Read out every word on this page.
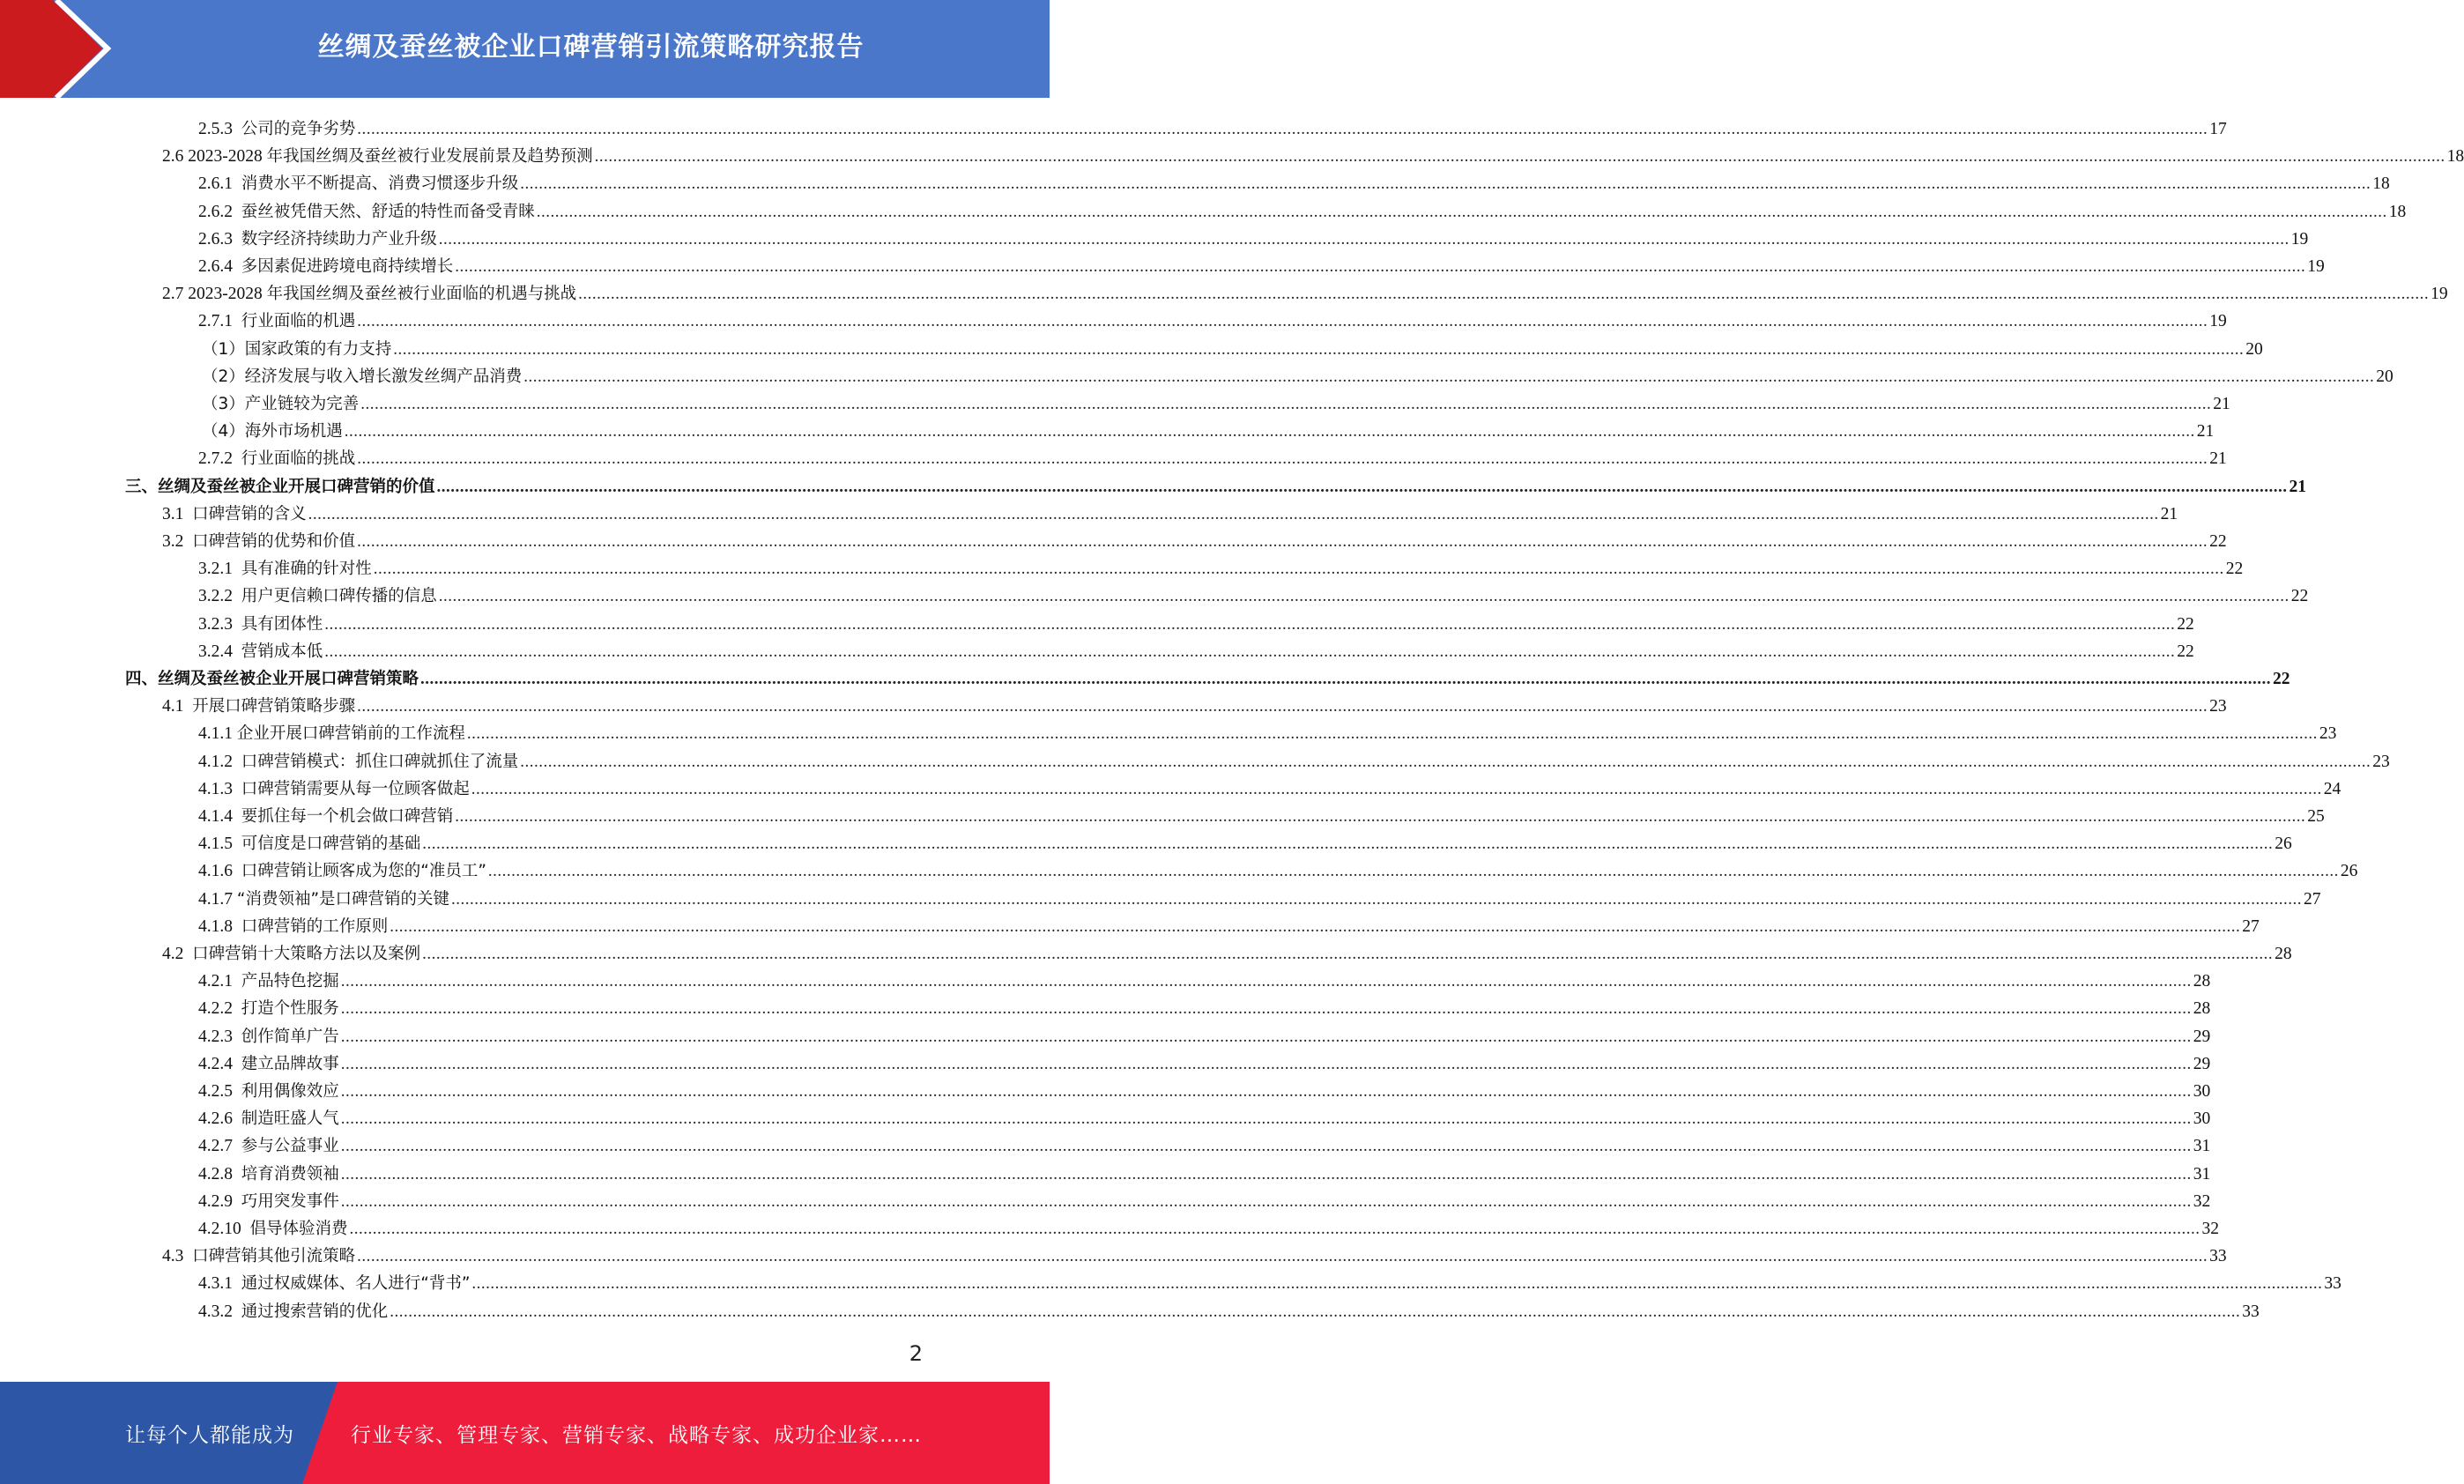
丝绸及蚕丝被企业口碑营销引流策略研究报告
2.5.3 公司的竞争劣势 ................................................................................................................................................................................................................................................................................................................................................................................................................ 17
2.6 2023-2028 年我国丝绸及蚕丝被行业发展前景及趋势预测 ................................................................................................................................................................................................................................................................................................................................................................................................................ 18
2.6.1 消费水平不断提高、消费习惯逐步升级 ................................................................................................................................................................................................................................................................................................................................................................................................................ 18
2.6.2 蚕丝被凭借天然、舒适的特性而备受青睐 ................................................................................................................................................................................................................................................................................................................................................................................................................ 18
2.6.3 数字经济持续助力产业升级 ................................................................................................................................................................................................................................................................................................................................................................................................................ 19
2.6.4 多因素促进跨境电商持续增长 ................................................................................................................................................................................................................................................................................................................................................................................................................ 19
2.7 2023-2028 年我国丝绸及蚕丝被行业面临的机遇与挑战 ................................................................................................................................................................................................................................................................................................................................................................................................................ 19
2.7.1 行业面临的机遇 ................................................................................................................................................................................................................................................................................................................................................................................................................ 19
（1）国家政策的有力支持 ................................................................................................................................................................................................................................................................................................................................................................................................................ 20
（2）经济发展与收入增长激发丝绸产品消费 ................................................................................................................................................................................................................................................................................................................................................................................................................ 20
（3）产业链较为完善 ................................................................................................................................................................................................................................................................................................................................................................................................................ 21
（4）海外市场机遇 ................................................................................................................................................................................................................................................................................................................................................................................................................ 21
2.7.2 行业面临的挑战 ................................................................................................................................................................................................................................................................................................................................................................................................................ 21
三、丝绸及蚕丝被企业开展口碑营销的价值 ................................................................................................................................................................................................................................................................................................................................................................................................................ 21
3.1 口碑营销的含义 ................................................................................................................................................................................................................................................................................................................................................................................................................ 21
3.2 口碑营销的优势和价值 ................................................................................................................................................................................................................................................................................................................................................................................................................ 22
3.2.1 具有准确的针对性 ................................................................................................................................................................................................................................................................................................................................................................................................................ 22
3.2.2 用户更信赖口碑传播的信息 ................................................................................................................................................................................................................................................................................................................................................................................................................ 22
3.2.3 具有团体性 ................................................................................................................................................................................................................................................................................................................................................................................................................ 22
3.2.4 营销成本低 ................................................................................................................................................................................................................................................................................................................................................................................................................ 22
四、丝绸及蚕丝被企业开展口碑营销策略 ................................................................................................................................................................................................................................................................................................................................................................................................................ 22
4.1 开展口碑营销策略步骤 ................................................................................................................................................................................................................................................................................................................................................................................................................ 23
4.1.1 企业开展口碑营销前的工作流程 ................................................................................................................................................................................................................................................................................................................................................................................................................ 23
4.1.2 口碑营销模式：抓住口碑就抓住了流量 ................................................................................................................................................................................................................................................................................................................................................................................................................ 23
4.1.3 口碑营销需要从每一位顾客做起 ................................................................................................................................................................................................................................................................................................................................................................................................................ 24
4.1.4 要抓住每一个机会做口碑营销 ................................................................................................................................................................................................................................................................................................................................................................................................................ 25
4.1.5 可信度是口碑营销的基础 ................................................................................................................................................................................................................................................................................................................................................................................................................ 26
4.1.6 口碑营销让顾客成为您的“准员工” ................................................................................................................................................................................................................................................................................................................................................................................................................ 26
4.1.7 “消费领袖”是口碑营销的关键 ................................................................................................................................................................................................................................................................................................................................................................................................................ 27
4.1.8 口碑营销的工作原则 ................................................................................................................................................................................................................................................................................................................................................................................................................ 27
4.2 口碑营销十大策略方法以及案例 ................................................................................................................................................................................................................................................................................................................................................................................................................ 28
4.2.1 产品特色挖掘 ................................................................................................................................................................................................................................................................................................................................................................................................................ 28
4.2.2 打造个性服务 ................................................................................................................................................................................................................................................................................................................................................................................................................ 28
4.2.3 创作简单广告 ................................................................................................................................................................................................................................................................................................................................................................................................................ 29
4.2.4 建立品牌故事 ................................................................................................................................................................................................................................................................................................................................................................................................................ 29
4.2.5 利用偶像效应 ................................................................................................................................................................................................................................................................................................................................................................................................................ 30
4.2.6 制造旺盛人气 ................................................................................................................................................................................................................................................................................................................................................................................................................ 30
4.2.7 参与公益事业 ................................................................................................................................................................................................................................................................................................................................................................................................................ 31
4.2.8 培育消费领袖 ................................................................................................................................................................................................................................................................................................................................................................................................................ 31
4.2.9 巧用突发事件 ................................................................................................................................................................................................................................................................................................................................................................................................................ 32
4.2.10 倡导体验消费 ................................................................................................................................................................................................................................................................................................................................................................................................................ 32
4.3 口碑营销其他引流策略 ................................................................................................................................................................................................................................................................................................................................................................................................................ 33
4.3.1 通过权威媒体、名人进行“背书” ................................................................................................................................................................................................................................................................................................................................................................................................................ 33
4.3.2 通过搜索营销的优化 ................................................................................................................................................................................................................................................................................................................................................................................................................ 33
2
让每个人都能成为	行业专家、管理专家、营销专家、战略专家、成功企业家……
